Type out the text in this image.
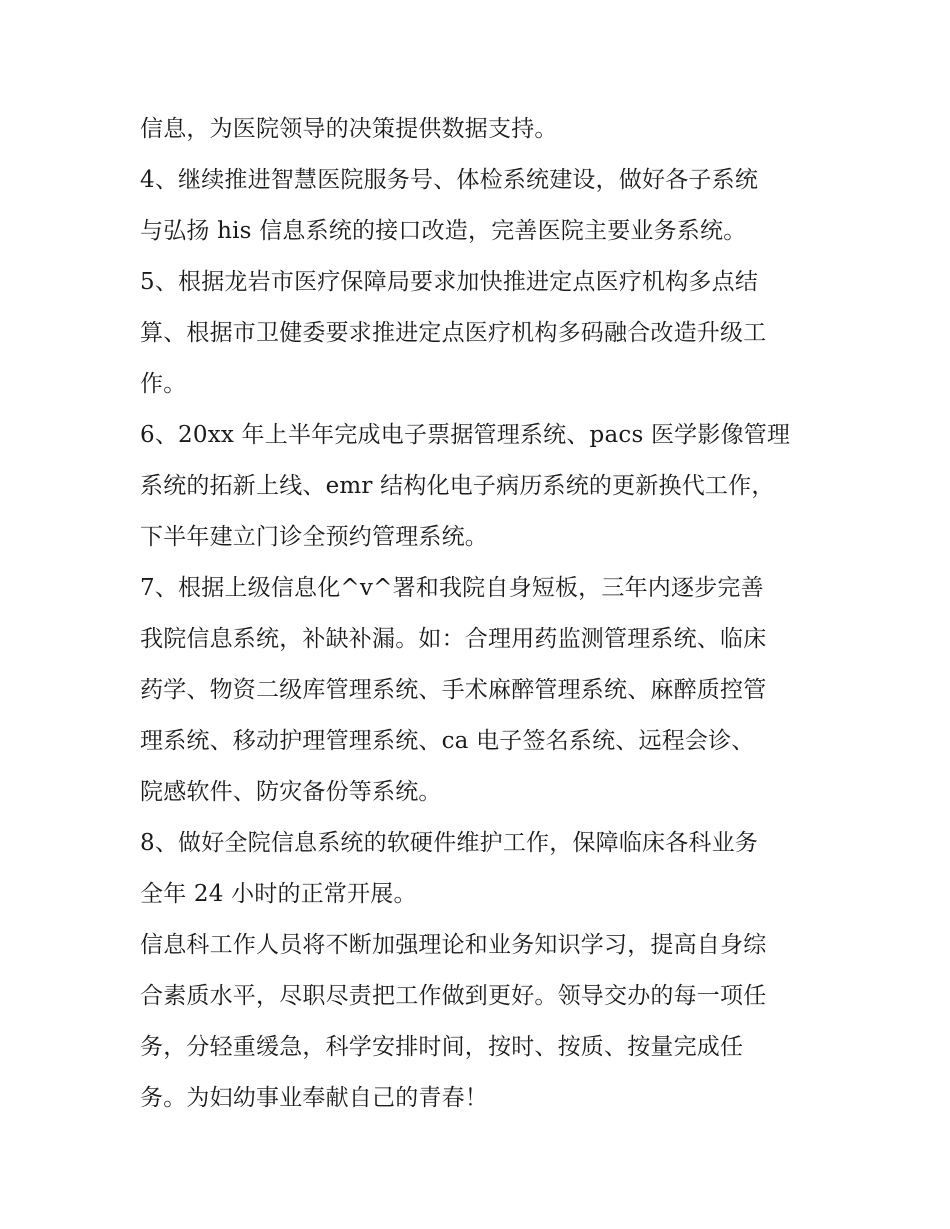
信息，为医院领导的决策提供数据支持。
4、继续推进智慧医院服务号、体检系统建设，做好各子系统
与弘扬 his 信息系统的接口改造，完善医院主要业务系统。
5、根据龙岩市医疗保障局要求加快推进定点医疗机构多点结
算、根据市卫健委要求推进定点医疗机构多码融合改造升级工
作。
6、20xx 年上半年完成电子票据管理系统、pacs 医学影像管理
系统的拓新上线、emr 结构化电子病历系统的更新换代工作，
下半年建立门诊全预约管理系统。
7、根据上级信息化^v^署和我院自身短板，三年内逐步完善
我院信息系统，补缺补漏。如：合理用药监测管理系统、临床
药学、物资二级库管理系统、手术麻醉管理系统、麻醉质控管
理系统、移动护理管理系统、ca 电子签名系统、远程会诊、
院感软件、防灾备份等系统。
8、做好全院信息系统的软硬件维护工作，保障临床各科业务
全年 24 小时的正常开展。
信息科工作人员将不断加强理论和业务知识学习，提高自身综
合素质水平，尽职尽责把工作做到更好。领导交办的每一项任
务，分轻重缓急，科学安排时间，按时、按质、按量完成任
务。为妇幼事业奉献自己的青春！
